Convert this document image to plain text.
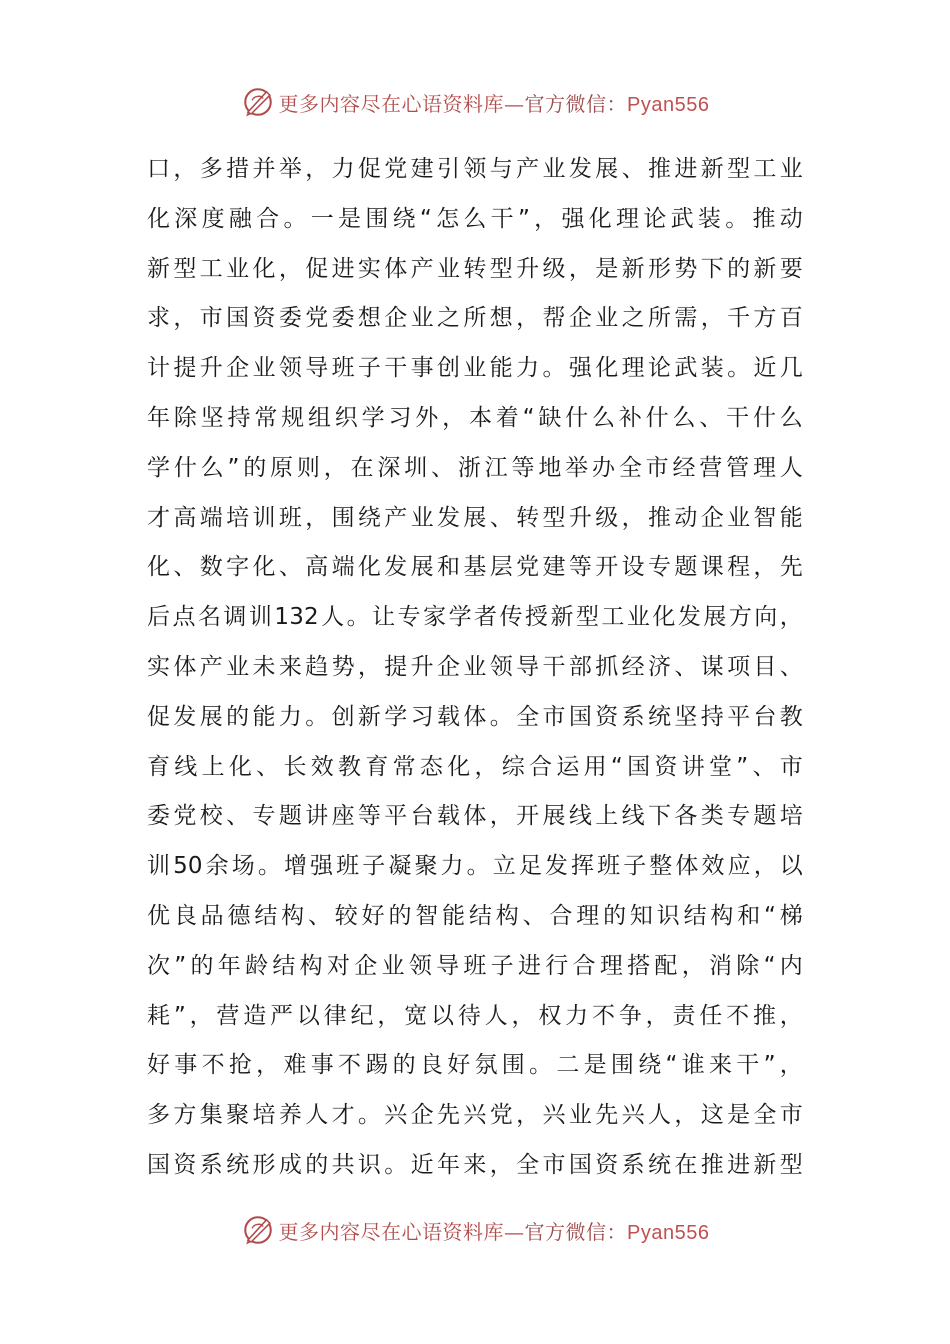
更多内容尽在心语资料库—官方微信：Pyan556
口，多措并举，力促党建引领与产业发展、推进新型工业
化深度融合。一是围绕“怎么干”，强化理论武装。推动
新型工业化，促进实体产业转型升级，是新形势下的新要
求，市国资委党委想企业之所想，帮企业之所需，千方百
计提升企业领导班子干事创业能力。强化理论武装。近几
年除坚持常规组织学习外，本着“缺什么补什么、干什么
学什么”的原则，在深圳、浙江等地举办全市经营管理人
才高端培训班，围绕产业发展、转型升级，推动企业智能
化、数字化、高端化发展和基层党建等开设专题课程，先
后点名调训132人。让专家学者传授新型工业化发展方向，
实体产业未来趋势，提升企业领导干部抓经济、谋项目、
促发展的能力。创新学习载体。全市国资系统坚持平台教
育线上化、长效教育常态化，综合运用“国资讲堂”、市
委党校、专题讲座等平台载体，开展线上线下各类专题培
训50余场。增强班子凝聚力。立足发挥班子整体效应，以
优良品德结构、较好的智能结构、合理的知识结构和“梯
次”的年龄结构对企业领导班子进行合理搭配，消除“内
耗”，营造严以律纪，宽以待人，权力不争，责任不推，
好事不抢，难事不踢的良好氛围。二是围绕“谁来干”，
多方集聚培养人才。兴企先兴党，兴业先兴人，这是全市
国资系统形成的共识。近年来，全市国资系统在推进新型
更多内容尽在心语资料库—官方微信：Pyan556
